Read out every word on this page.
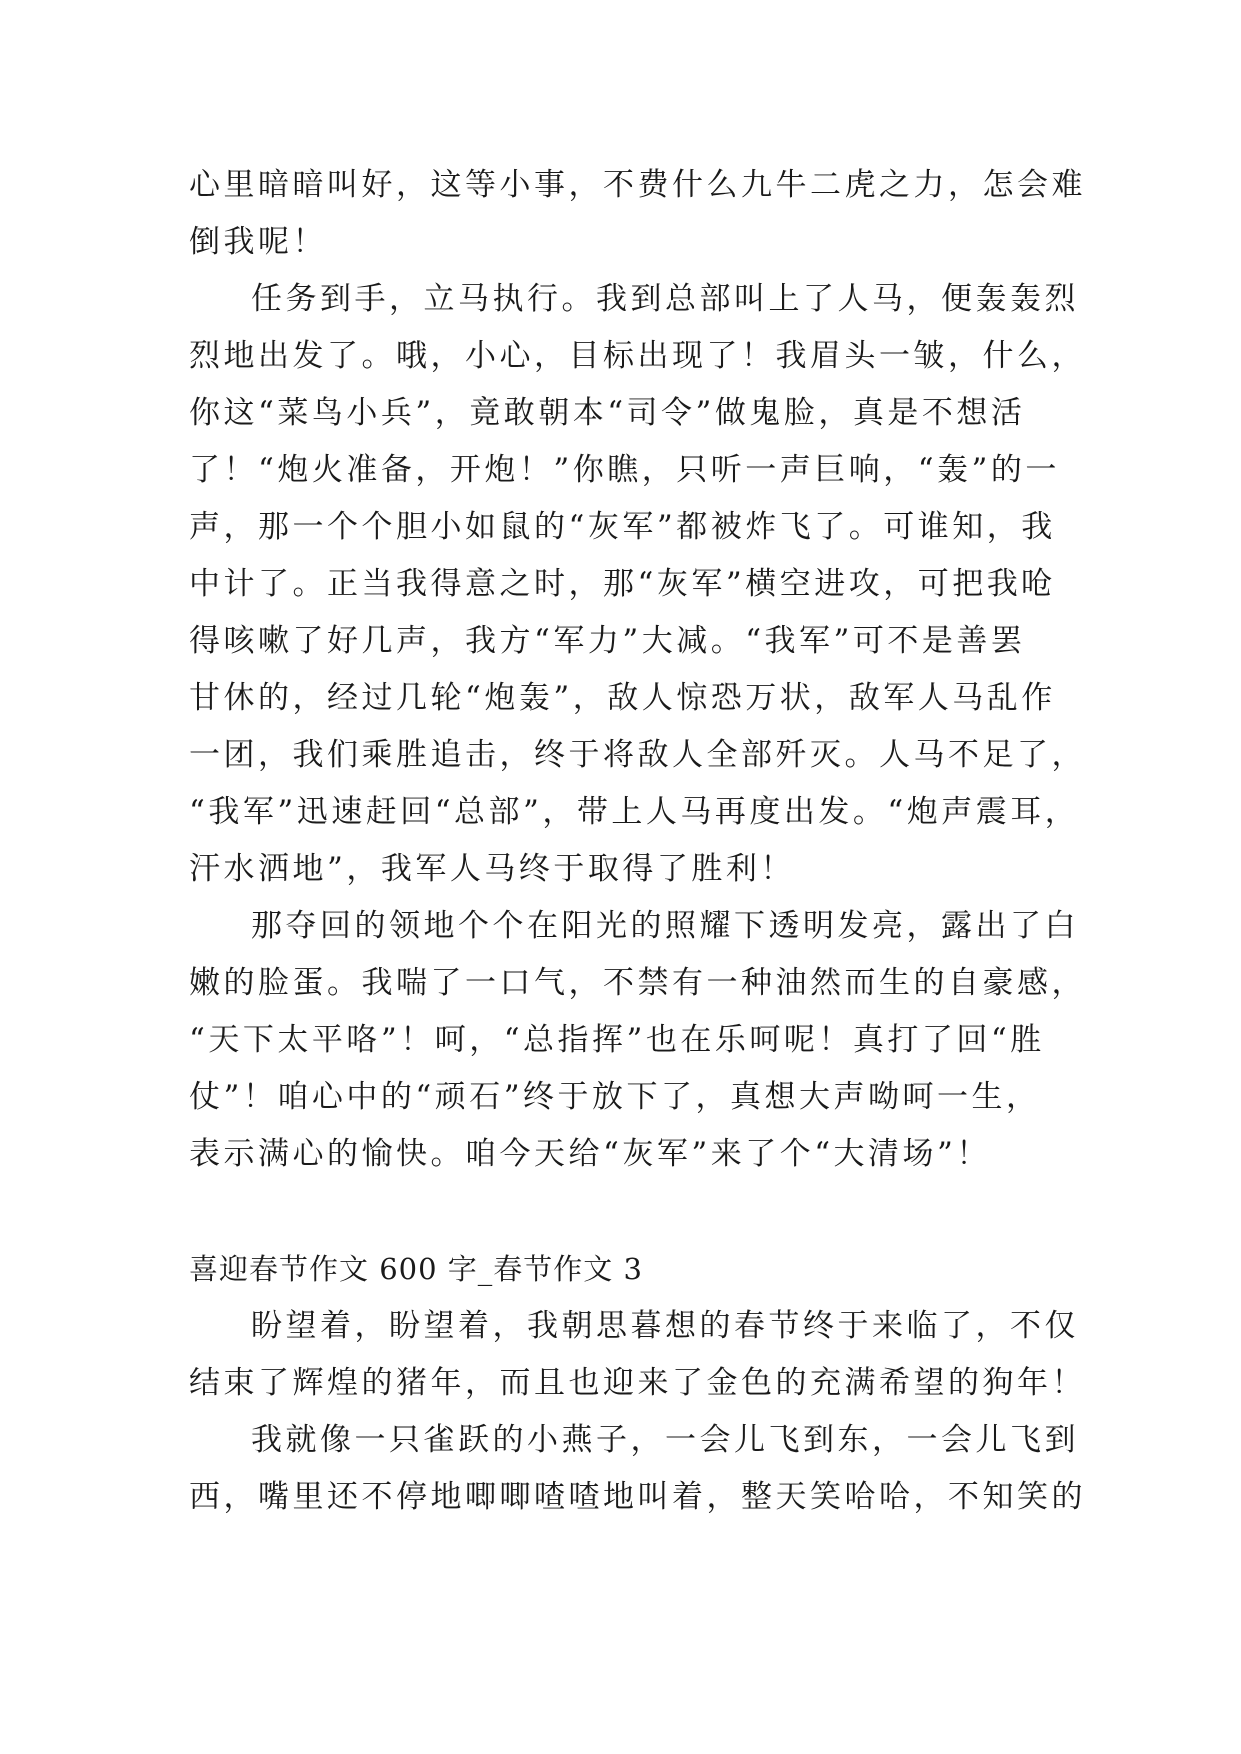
心里暗暗叫好，这等小事，不费什么九牛二虎之力，怎会难
倒我呢！
任务到手，立马执行。我到总部叫上了人马，便轰轰烈
烈地出发了。哦，小心，目标出现了！我眉头一皱，什么，
你这“菜鸟小兵”，竟敢朝本“司令”做鬼脸，真是不想活
了！“炮火准备，开炮！”你瞧，只听一声巨响，“轰”的一
声，那一个个胆小如鼠的“灰军”都被炸飞了。可谁知，我
中计了。正当我得意之时，那“灰军”横空进攻，可把我呛
得咳嗽了好几声，我方“军力”大减。“我军”可不是善罢
甘休的，经过几轮“炮轰”，敌人惊恐万状，敌军人马乱作
一团，我们乘胜追击，终于将敌人全部歼灭。人马不足了，
“我军”迅速赶回“总部”，带上人马再度出发。“炮声震耳，
汗水洒地”，我军人马终于取得了胜利！
那夺回的领地个个在阳光的照耀下透明发亮，露出了白
嫩的脸蛋。我喘了一口气，不禁有一种油然而生的自豪感，
“天下太平咯”！呵，“总指挥”也在乐呵呢！真打了回“胜
仗”！咱心中的“顽石”终于放下了，真想大声呦呵一生，
表示满心的愉快。咱今天给“灰军”来了个“大清场”！
喜迎春节作文 600 字_春节作文 3
盼望着，盼望着，我朝思暮想的春节终于来临了，不仅
结束了辉煌的猪年，而且也迎来了金色的充满希望的狗年！
我就像一只雀跃的小燕子，一会儿飞到东，一会儿飞到
西，嘴里还不停地唧唧喳喳地叫着，整天笑哈哈，不知笑的
